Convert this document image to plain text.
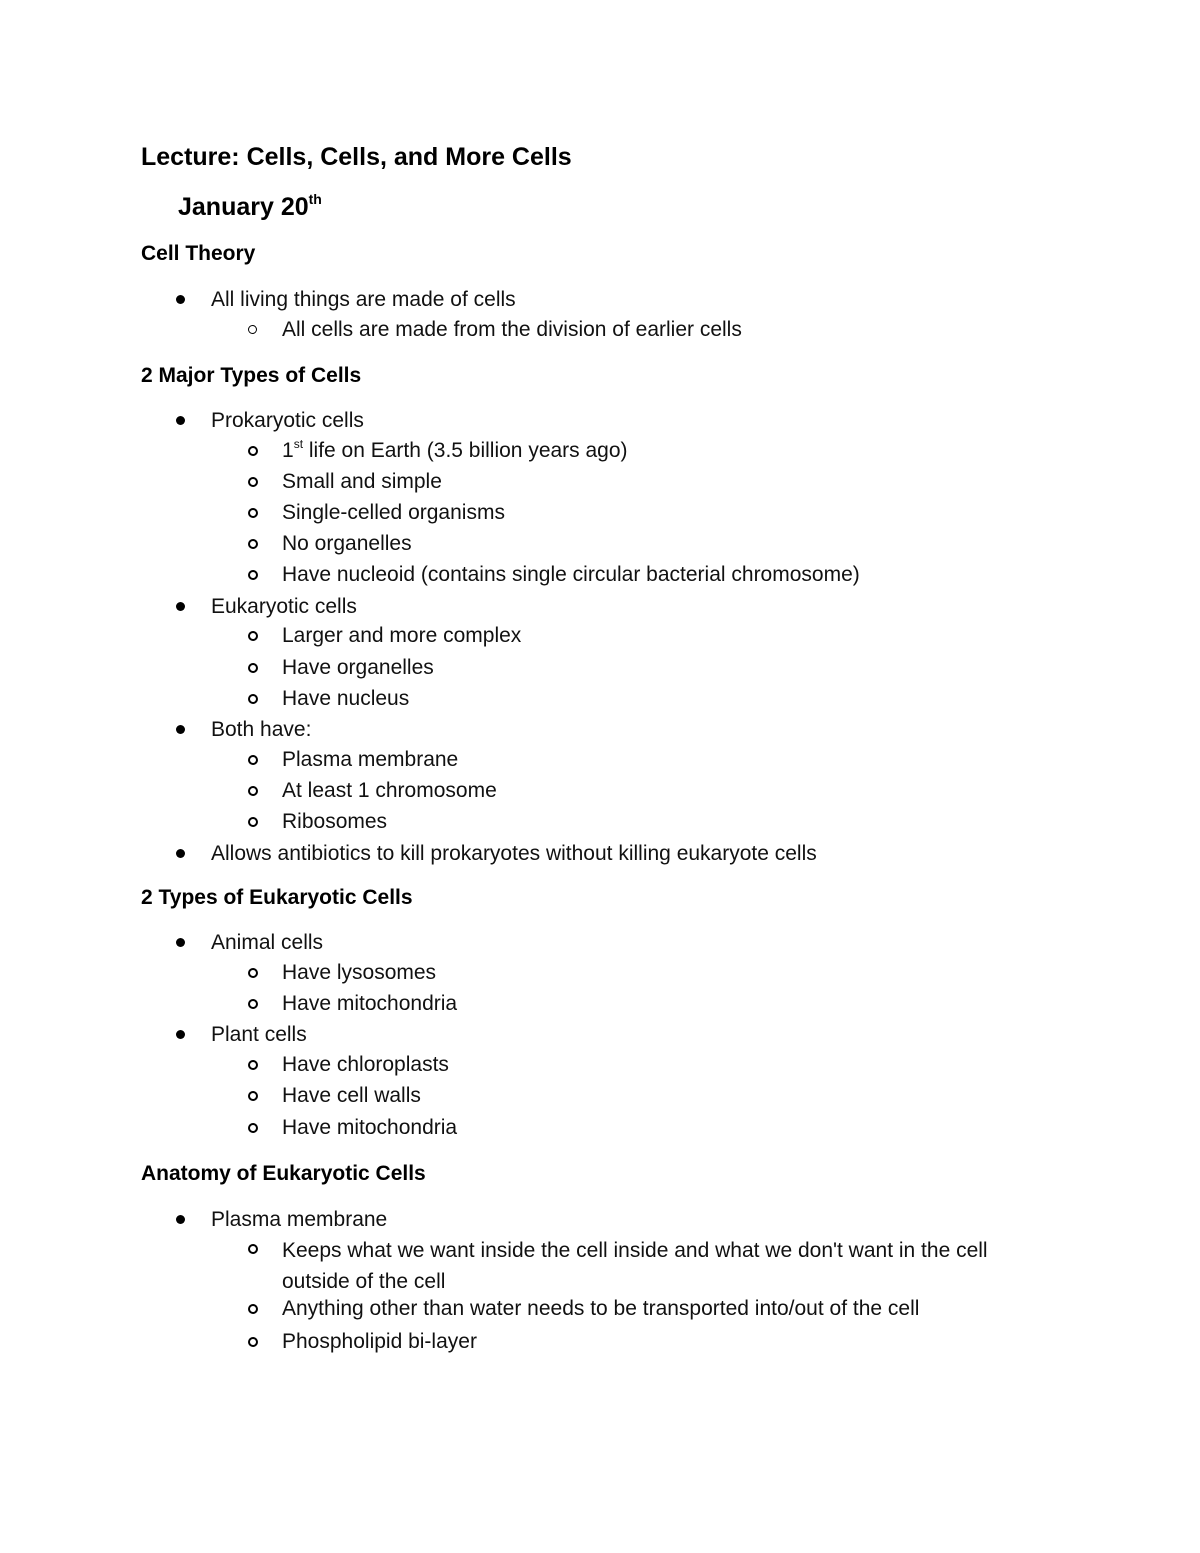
Lecture: Cells, Cells, and More Cells
January 20th
Cell Theory
All living things are made of cells
All cells are made from the division of earlier cells
2 Major Types of Cells
Prokaryotic cells
1st life on Earth (3.5 billion years ago)
Small and simple
Single-celled organisms
No organelles
Have nucleoid (contains single circular bacterial chromosome)
Eukaryotic cells
Larger and more complex
Have organelles
Have nucleus
Both have:
Plasma membrane
At least 1 chromosome
Ribosomes
Allows antibiotics to kill prokaryotes without killing eukaryote cells
2 Types of Eukaryotic Cells
Animal cells
Have lysosomes
Have mitochondria
Plant cells
Have chloroplasts
Have cell walls
Have mitochondria
Anatomy of Eukaryotic Cells
Plasma membrane
Keeps what we want inside the cell inside and what we don't want in the cell outside of the cell
Anything other than water needs to be transported into/out of the cell
Phospholipid bi-layer
